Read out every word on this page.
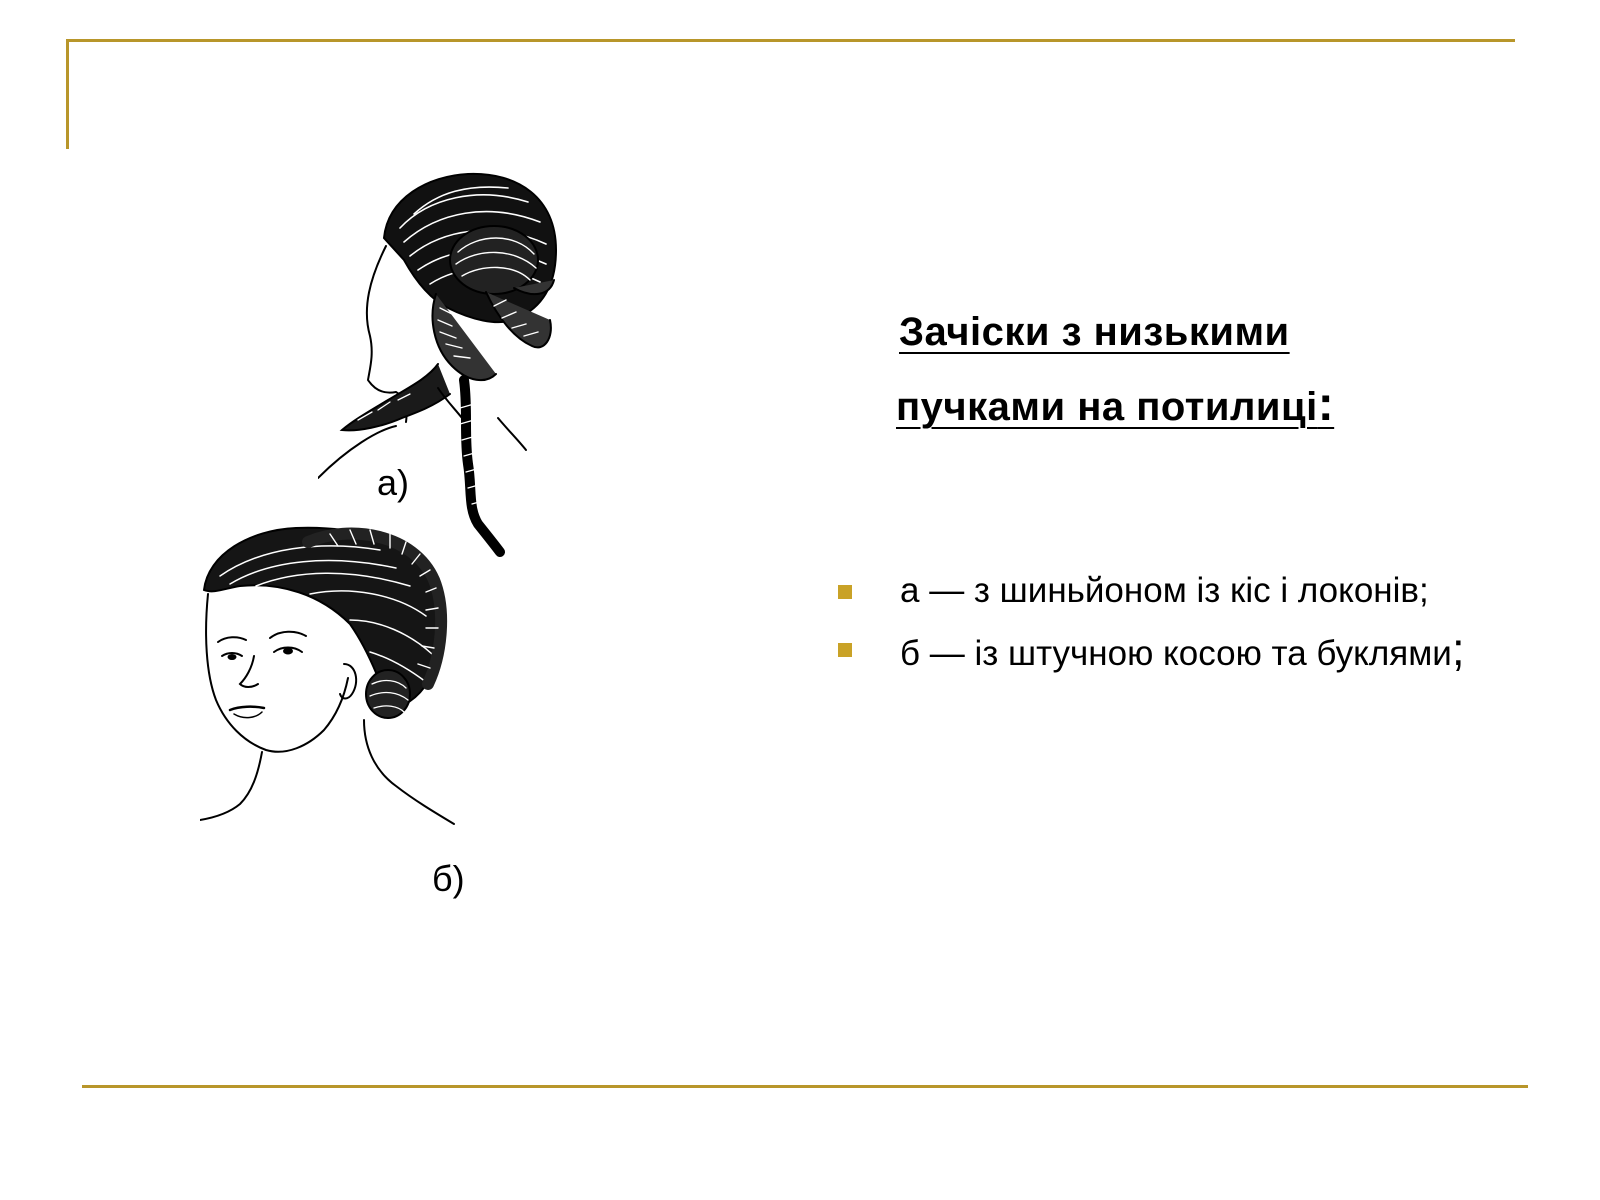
а)
б)
Зачіски з низькими
пучками на потилиці:
а — з шиньйоном із кіс і локонів;
б — із штучною косою та буклями;
